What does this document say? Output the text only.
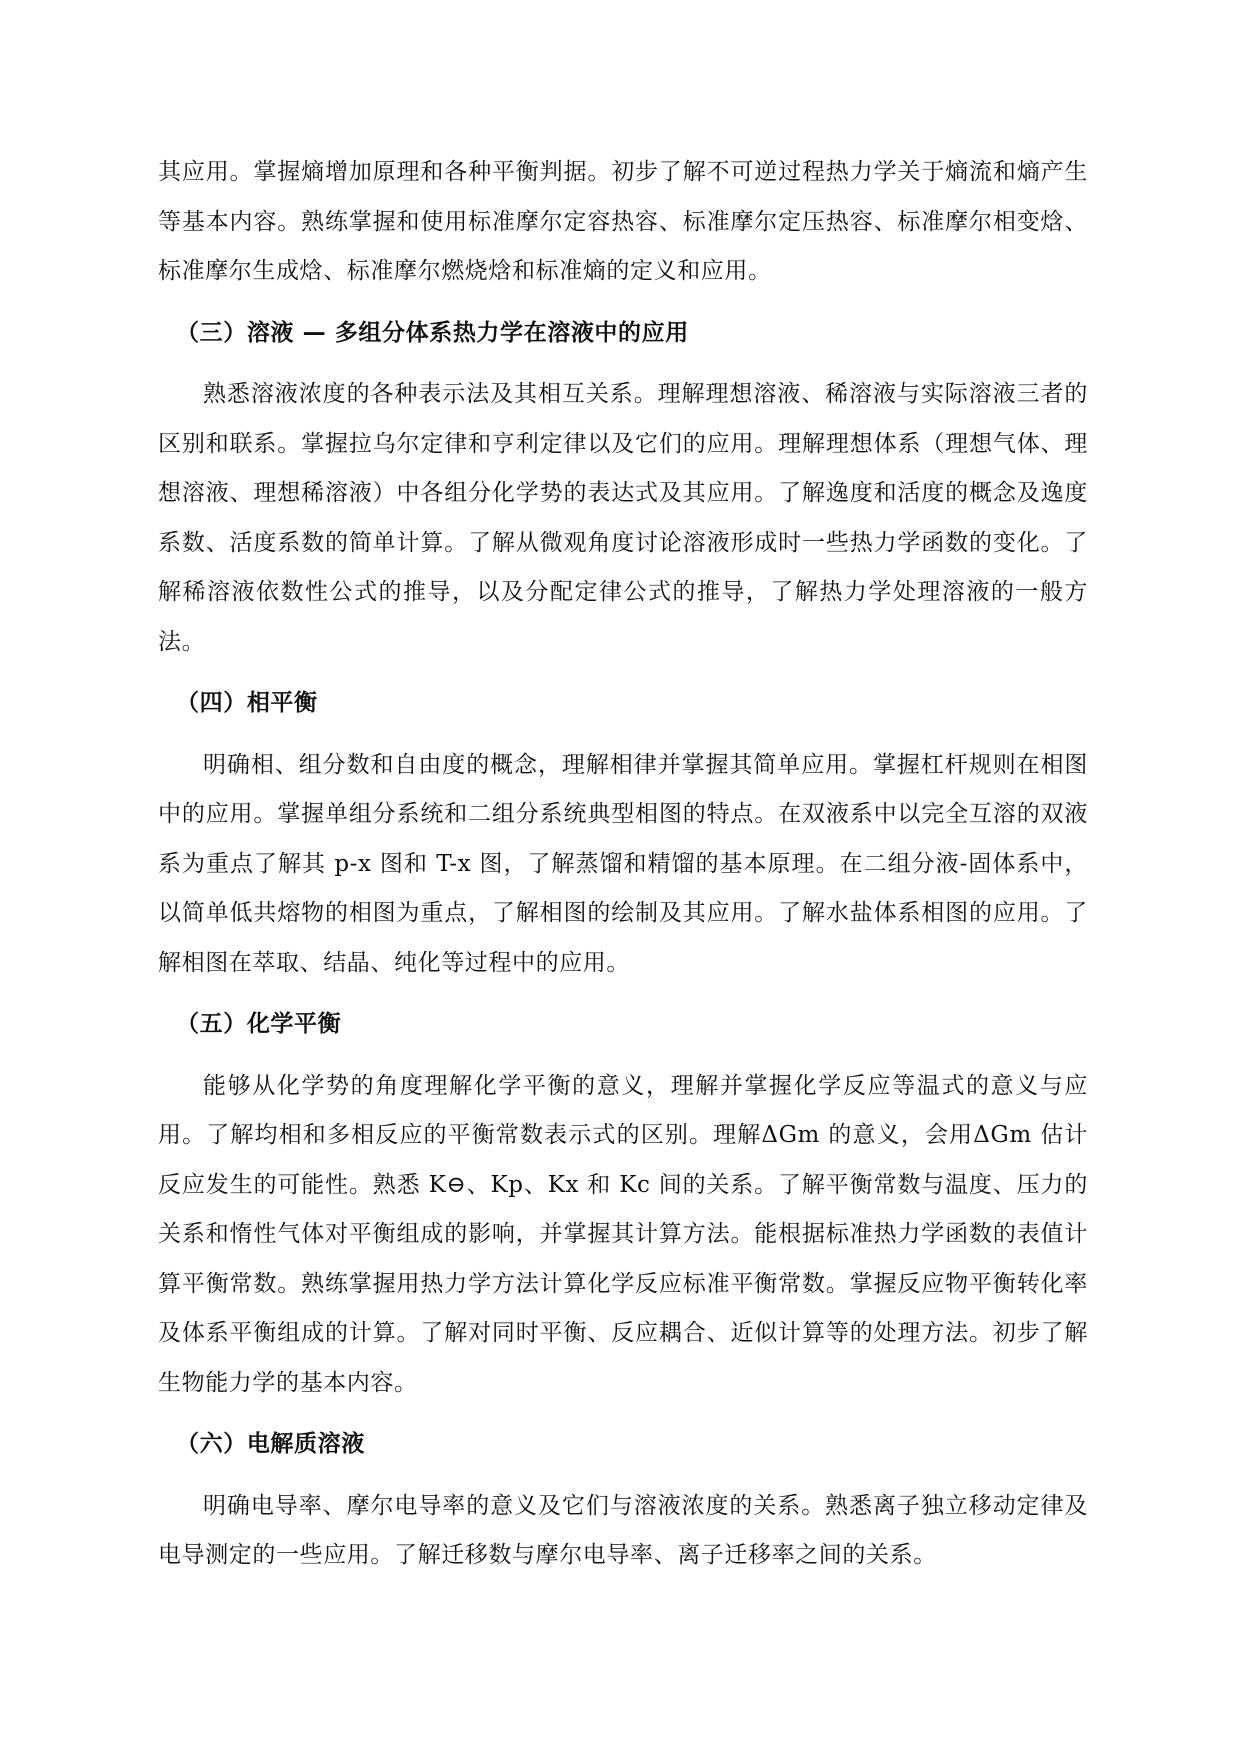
其应用。掌握熵增加原理和各种平衡判据。初步了解不可逆过程热力学关于熵流和熵产生等基本内容。熟练掌握和使用标准摩尔定容热容、标准摩尔定压热容、标准摩尔相变焓、标准摩尔生成焓、标准摩尔燃烧焓和标准熵的定义和应用。

（三）溶液 — 多组分体系热力学在溶液中的应用

熟悉溶液浓度的各种表示法及其相互关系。理解理想溶液、稀溶液与实际溶液三者的区别和联系。掌握拉乌尔定律和亨利定律以及它们的应用。理解理想体系（理想气体、理想溶液、理想稀溶液）中各组分化学势的表达式及其应用。了解逸度和活度的概念及逸度系数、活度系数的简单计算。了解从微观角度讨论溶液形成时一些热力学函数的变化。了解稀溶液依数性公式的推导，以及分配定律公式的推导，了解热力学处理溶液的一般方法。

（四）相平衡

明确相、组分数和自由度的概念，理解相律并掌握其简单应用。掌握杠杆规则在相图中的应用。掌握单组分系统和二组分系统典型相图的特点。在双液系中以完全互溶的双液系为重点了解其 p-x 图和 T-x 图，了解蒸馏和精馏的基本原理。在二组分液-固体系中，以简单低共熔物的相图为重点，了解相图的绘制及其应用。了解水盐体系相图的应用。了解相图在萃取、结晶、纯化等过程中的应用。

（五）化学平衡

能够从化学势的角度理解化学平衡的意义，理解并掌握化学反应等温式的意义与应用。了解均相和多相反应的平衡常数表示式的区别。理解ΔGm 的意义，会用ΔGm 估计反应发生的可能性。熟悉 K⊖、Kp、Kx 和 Kc 间的关系。了解平衡常数与温度、压力的关系和惰性气体对平衡组成的影响，并掌握其计算方法。能根据标准热力学函数的表值计算平衡常数。熟练掌握用热力学方法计算化学反应标准平衡常数。掌握反应物平衡转化率及体系平衡组成的计算。了解对同时平衡、反应耦合、近似计算等的处理方法。初步了解生物能力学的基本内容。

（六）电解质溶液

明确电导率、摩尔电导率的意义及它们与溶液浓度的关系。熟悉离子独立移动定律及电导测定的一些应用。了解迁移数与摩尔电导率、离子迁移率之间的关系。
